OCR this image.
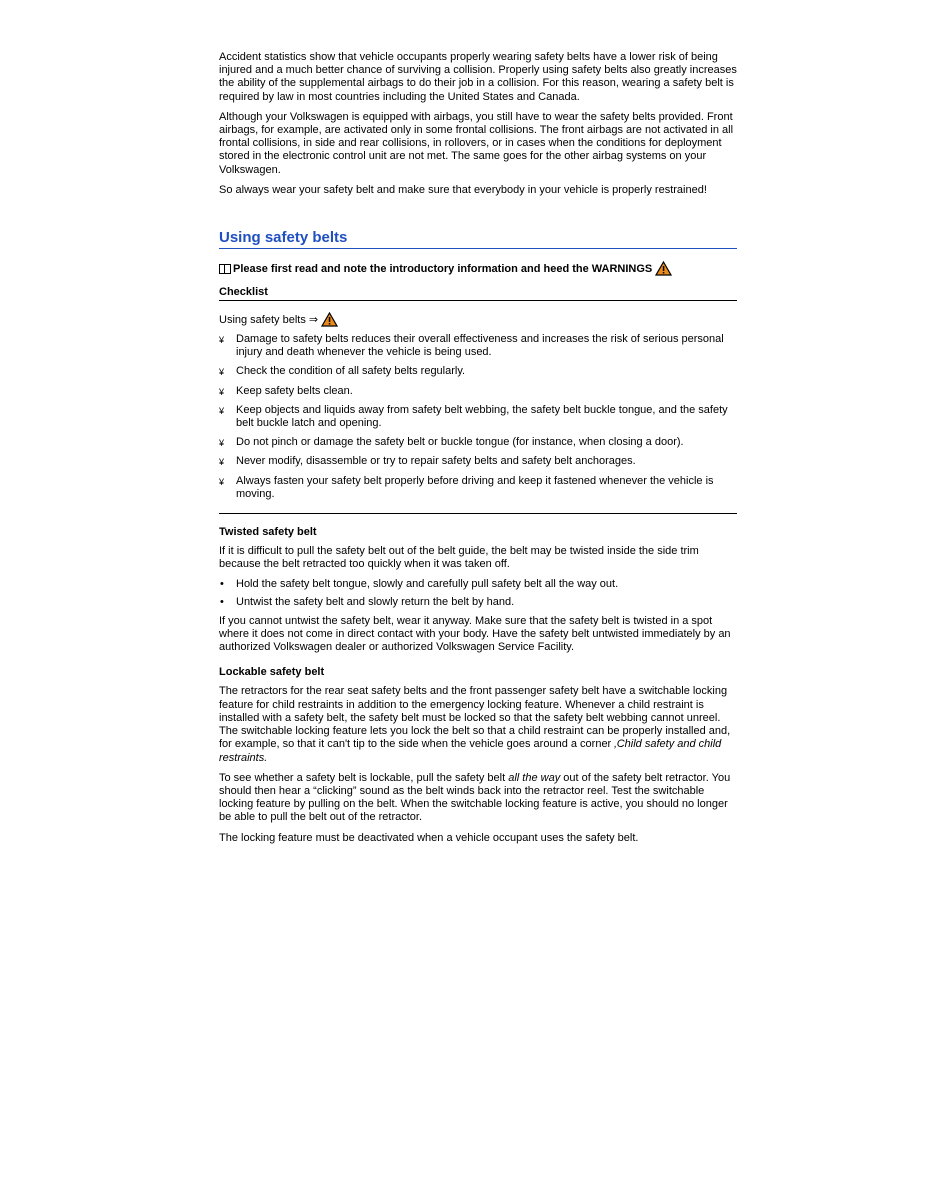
Accident statistics show that vehicle occupants properly wearing safety belts have a lower risk of being injured and a much better chance of surviving a collision. Properly using safety belts also greatly increases the ability of the supplemental airbags to do their job in a collision. For this reason, wearing a safety belt is required by law in most countries including the United States and Canada.

Although your Volkswagen is equipped with airbags, you still have to wear the safety belts provided. Front airbags, for example, are activated only in some frontal collisions. The front airbags are not activated in all frontal collisions, in side and rear collisions, in rollovers, or in cases when the conditions for deployment stored in the electronic control unit are not met. The same goes for the other airbag systems on your Volkswagen.

So always wear your safety belt and make sure that everybody in your vehicle is properly restrained!

Using safety belts
Please first read and note the introductory information and heed the WARNINGS
Checklist
Using safety belts ⇒
¥ Damage to safety belts reduces their overall effectiveness and increases the risk of serious personal injury and death whenever the vehicle is being used.
¥ Check the condition of all safety belts regularly.
¥ Keep safety belts clean.
¥ Keep objects and liquids away from safety belt webbing, the safety belt buckle tongue, and the safety belt buckle latch and opening.
¥ Do not pinch or damage the safety belt or buckle tongue (for instance, when closing a door).
¥ Never modify, disassemble or try to repair safety belts and safety belt anchorages.
¥ Always fasten your safety belt properly before driving and keep it fastened whenever the vehicle is moving.
Twisted safety belt

If it is difficult to pull the safety belt out of the belt guide, the belt may be twisted inside the side trim because the belt retracted too quickly when it was taken off.

• Hold the safety belt tongue, slowly and carefully pull safety belt all the way out.
• Untwist the safety belt and slowly return the belt by hand.

If you cannot untwist the safety belt, wear it anyway. Make sure that the safety belt is twisted in a spot where it does not come in direct contact with your body. Have the safety belt untwisted immediately by an authorized Volkswagen dealer or authorized Volkswagen Service Facility.

Lockable safety belt

The retractors for the rear seat safety belts and the front passenger safety belt have a switchable locking feature for child restraints in addition to the emergency locking feature. Whenever a child restraint is installed with a safety belt, the safety belt must be locked so that the safety belt webbing cannot unreel. The switchable locking feature lets you lock the belt so that a child restraint can be properly installed and, for example, so that it can't tip to the side when the vehicle goes around a corner ‚Child safety and child restraints.

To see whether a safety belt is lockable, pull the safety belt all the way out of the safety belt retractor. You should then hear a “clicking” sound as the belt winds back into the retractor reel. Test the switchable locking feature by pulling on the belt. When the switchable locking feature is active, you should no longer be able to pull the belt out of the retractor.

The locking feature must be deactivated when a vehicle occupant uses the safety belt.
